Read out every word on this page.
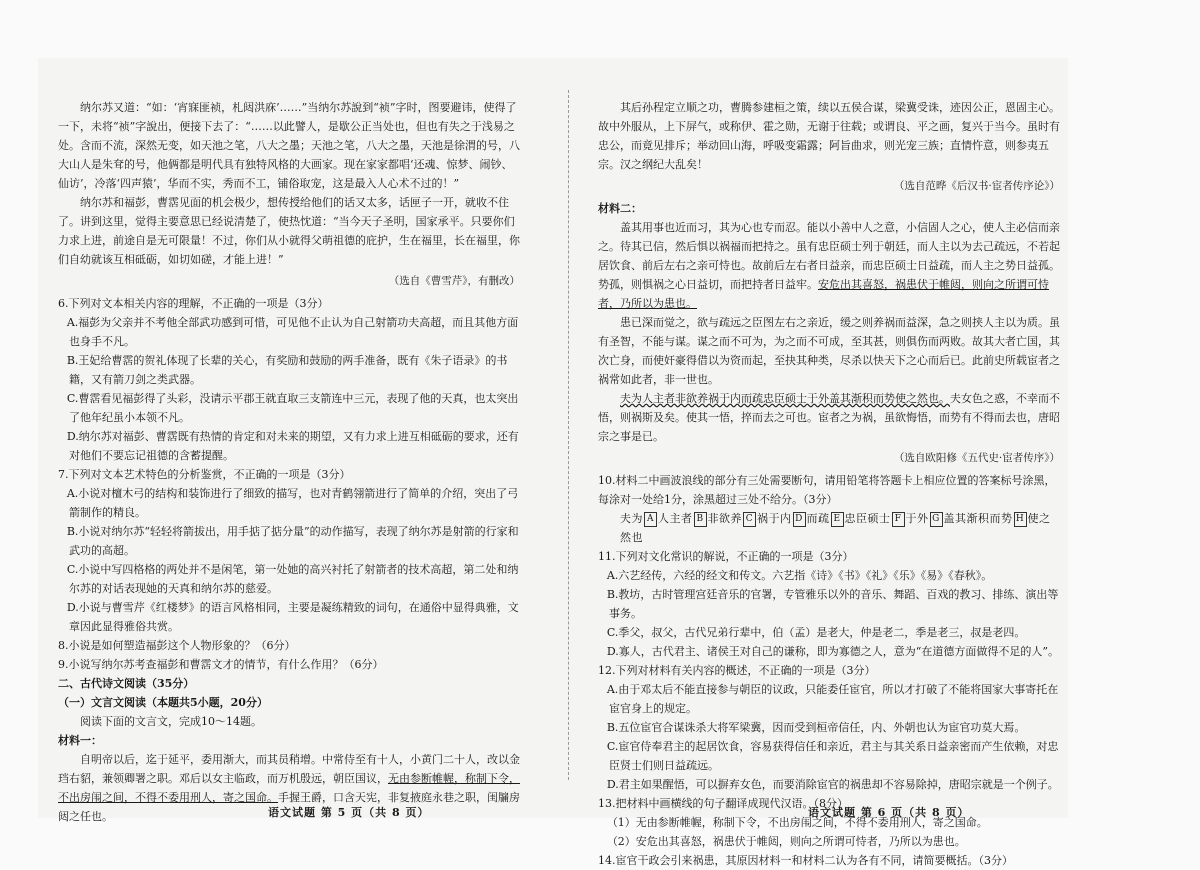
纳尔苏又道：“如：‘宵寐匪祯，札闼洪庥’……”当纳尔苏說到“祯”字时，图要避讳，使得了一下，未将“祯”字說出，便接下去了：“……以此譬人，是歇公正当处也，但也有失之于浅易之处。含而不流，深然无变，如天池之笔，八大之墨；天池之笔，八大之墨，天池是徐渭的号，八大山人是朱耷的号，他俩都是明代具有独特风格的大画家。现在家家都唱‘还魂、惊梦、闹钞、仙访’，冷落‘四声猿’，华而不实，秀而不工，铺俗取宠，这是最入人心术不过的！”

纳尔苏和福彭，曹霑见面的机会极少，想传授给他们的话又太多，话匣子一开，就收不住了。讲到这里，觉得主要意思已经说清楚了，使热忱道：“当今天子圣明，国家承平。只要你们力求上进，前途自是无可限量！不过，你们从小就得父萌祖德的庇护，生在福里，长在福里，你们自幼就该互相砥砺，如切如磋，才能上进！”

（选自《曹雪芹》，有删改）

6.下列对文本相关内容的理解，不正确的一项是（3分）

A.福彭为父亲并不考他全部武功感到可惜，可见他不止认为自己射箭功夫高超，而且其他方面也身手不凡。

B.王妃给曹霑的贺礼体现了长辈的关心，有奖励和鼓励的两手准备，既有《朱子语录》的书籍，又有箭刀剑之类武器。

C.曹霑看见福彭得了头彩，没请示平郡王就直取三支箭连中三元，表现了他的天真，也太突出了他年纪虽小本领不凡。

D.纳尔苏对福彭、曹霑既有热情的肯定和对未来的期望，又有力求上进互相砥砺的要求，还有对他们不要忘记祖德的含蓄提醒。

7.下列对文本艺术特色的分析鉴赏，不正确的一项是（3分）

A.小说对檀木弓的结构和装饰进行了细致的描写，也对青鹤翎箭进行了简单的介绍，突出了弓箭制作的精良。

B.小说对纳尔苏“轻轻将箭拔出，用手掂了掂分量”的动作描写，表现了纳尔苏是射箭的行家和武功的高超。

C.小说中写四格格的两处并不是闲笔，第一处她的高兴衬托了射箭者的技术高超，第二处和纳尔苏的对话表现她的天真和纳尔苏的慈爱。

D.小说与曹雪芹《红楼梦》的语言风格相同，主要是凝练精致的词句，在通俗中显得典雅，文章因此显得雅俗共赏。

8.小说是如何塑造福彭这个人物形象的？（6分）

9.小说写纳尔苏考查福彭和曹霑文才的情节，有什么作用？（6分）

二、古代诗文阅读（35分）

（一）文言文阅读（本题共5小题，20分）

阅读下面的文言文，完成10～14题。

材料一：

自明帝以后，迄于延平，委用渐大，而其员稍增。中常侍至有十人，小黄门二十人，改以金珰右貂，兼领卿署之职。邓后以女主临政，而万机殷远，朝臣国议，无由参断帷幄，称制下令，不出房闱之间，不得不委用刑人，寄之国命。手握王爵，口含天宪，非复掖庭永巷之职，闺牖房闼之任也。

其后孙程定立顺之功，曹腾参建桓之策，续以五侯合谋，梁冀受诛，迹因公正，恩固主心。故中外服从，上下屏气，或称伊、霍之勋，无谢于往载；或谓良、平之画，复兴于当今。虽时有忠公，而竟见排斥；举动回山海，呼吸变霜露；阿旨曲求，则光宠三族；直情忤意，则参夷五宗。汉之纲纪大乱矣！

（选自范晔《后汉书·宦者传序论》）

材料二：

盖其用事也近而习，其为心也专而忍。能以小善中人之意，小信固人之心，使人主必信而亲之。待其已信，然后惧以祸福而把持之。虽有忠臣硕士列于朝廷，而人主以为去己疏远，不若起居饮食、前后左右之亲可恃也。故前后左右者日益亲，而忠臣硕士日益疏，而人主之势日益孤。势孤，则惧祸之心日益切，而把持者日益牢。安危出其喜怒，祸患伏于帷闼，则向之所谓可恃者，乃所以为患也。

患已深而觉之，欲与疏远之臣图左右之亲近，缓之则养祸而益深，急之则挟人主以为质。虽有圣智，不能与谋。谋之而不可为，为之而不可成，至其甚，则俱伤而两败。故其大者亡国，其次亡身，而使奸豪得借以为资而起，至抉其种类，尽杀以快天下之心而后已。此前史所载宦者之祸常如此者，非一世也。

夫为人主者非欲养祸于内而疏忠臣硕士于外盖其渐积而势使之然也。夫女色之惑，不幸而不悟，则祸斯及矣。使其一悟，捽而去之可也。宦者之为祸，虽欲悔悟，而势有不得而去也，唐昭宗之事是已。

（选自欧阳修《五代史·宦者传序》）

10.材料二中画波浪线的部分有三处需要断句，请用铅笔将答题卡上相应位置的答案标号涂黑，每涂对一处给1分，涂黑超过三处不给分。（3分）

夫为 A 人主者 B 非欲养 C 祸于内 D 而疏 E 忠臣硕士 F 于外 G 盖其渐积而势 H 使之然也

11.下列对文化常识的解说，不正确的一项是（3分）

A.六艺经传，六经的经文和传文。六艺指《诗》《书》《礼》《乐》《易》《春秋》。

B.教坊，古时管理宫廷音乐的官署，专管雅乐以外的音乐、舞蹈、百戏的教习、排练、演出等事务。

C.季父，叔父，古代兄弟行辈中，伯（孟）是老大，仲是老二，季是老三，叔是老四。

D.寡人，古代君主、诸侯王对自己的谦称，即为寡德之人，意为“在道德方面做得不足的人”。

12.下列对材料有关内容的概述，不正确的一项是（3分）

A.由于邓太后不能直接参与朝臣的议政，只能委任宦官，所以才打破了不能将国家大事寄托在宦官身上的规定。

B.五位宦官合谋诛杀大将军梁冀，因而受到桓帝信任，内、外朝也认为宦官功莫大焉。

C.宦官侍奉君主的起居饮食，容易获得信任和亲近，君主与其关系日益亲密而产生依赖，对忠臣贤士们则日益疏远。

D.君主如果醒悟，可以摒弃女色，而要消除宦官的祸患却不容易除掉，唐昭宗就是一个例子。

13.把材料中画横线的句子翻译成现代汉语。（8分）

（1）无由参断帷幄，称制下令，不出房闱之间，不得不委用刑人，寄之国命。

（2）安危出其喜怒，祸患伏于帷闼，则向之所谓可恃者，乃所以为患也。

14.宦官干政会引来祸患，其原因材料一和材料二认为各有不同，请简要概括。（3分）

语文试题 第 5 页（共 8 页）	语文试题 第 6 页（共 8 页）
